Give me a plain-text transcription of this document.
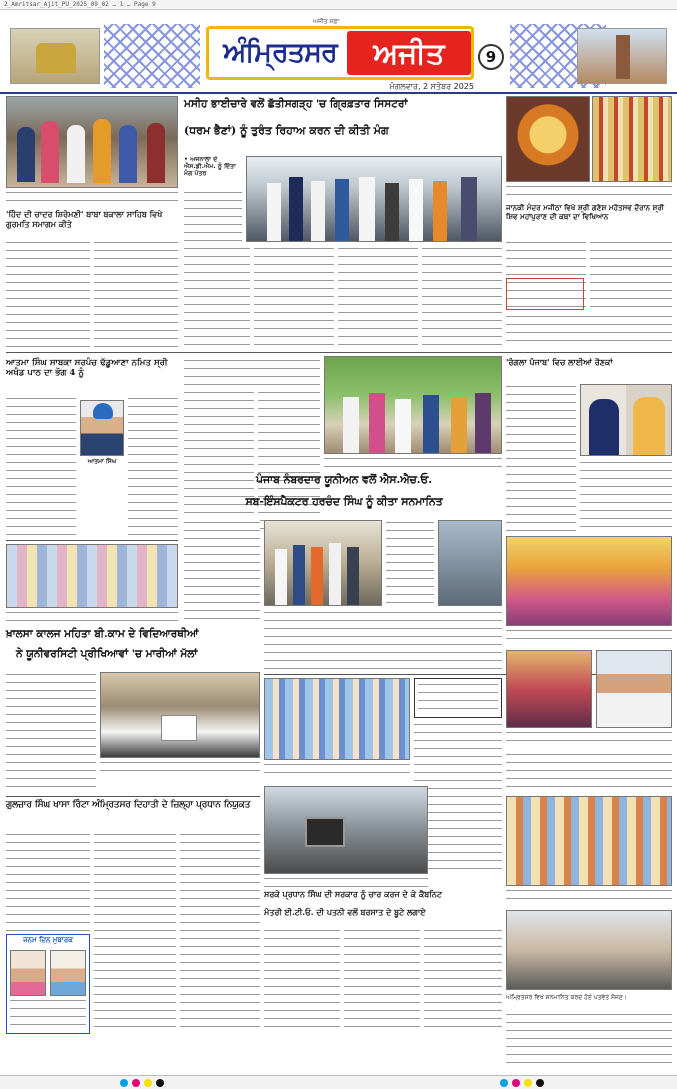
2_Amritsar_Ajit_PU_2025_09_02 … 1 … Page 9
ਅੰਮ੍ਰਿਤਸਰ	ਅਜੀਤ
ਅਜੀਤ ਸਫ਼ਾ
ਮੰਗਲਵਾਰ, 2 ਸਤੰਬਰ 2025
9
ਮਸੀਹ ਭਾਈਚਾਰੇ ਵਲੋਂ ਛੱਤੀਸਗੜ੍ਹ 'ਚ ਗ੍ਰਿਫ਼ਤਾਰ ਸਿਸਟਰਾਂ
(ਧਰਮ ਭੈਣਾਂ) ਨੂੰ ਤੁਰੰਤ ਰਿਹਾਅ ਕਰਨ ਦੀ ਕੀਤੀ ਮੰਗ
• ਅਜਨਾਲਾ ਦੇ ਐਸ.ਡੀ.ਐਮ. ਨੂੰ ਦਿੱਤਾ ਮੰਗ ਪੱਤਰ
'ਹਿੰਦ ਦੀ ਚਾਦਰ ਸ਼ਿਰੋਮਣੀ' ਬਾਬਾ ਬਕਾਲਾ ਸਾਹਿਬ ਵਿਖੇ ਗੁਰਮਤਿ ਸਮਾਗਮ ਕੀਤੇ
ਜਾਨਕੀ ਮੰਦਰ ਮਜੀਠਾ ਵਿਖੇ ਸ਼੍ਰੀ ਗਣੇਸ਼ ਮਹੋਤਸਵ ਦੌਰਾਨ ਸ਼੍ਰੀ ਸ਼ਿਵ ਮਹਾਂਪੁਰਾਣ ਦੀ ਕਥਾ ਦਾ ਵਿਖਿਆਨ
ਆਤਮਾ ਸਿੰਘ ਸਾਬਕਾ ਸਰਪੰਚ ਢੱਡੂਆਣਾ ਨਮਿਤ ਸ੍ਰੀ ਅਖੰਡ ਪਾਠ ਦਾ ਭੋਗ 4 ਨੂੰ
ਆਤਮਾ ਸਿੰਘ
'ਰੰਗਲਾ ਪੰਜਾਬ' ਵਿਚ ਲਾਈਆਂ ਰੌਣਕਾਂ
ਪੰਜਾਬ ਨੰਬਰਦਾਰ ਯੂਨੀਅਨ ਵਲੋਂ ਐਸ.ਐਚ.ਓ.
ਸਬ-ਇੰਸਪੈਕਟਰ ਹਰਚੰਦ ਸਿੰਘ ਨੂੰ ਕੀਤਾ ਸਨਮਾਨਿਤ
ਖ਼ਾਲਸਾ ਕਾਲਜ ਮਹਿਤਾ ਬੀ.ਕਾਮ ਦੇ ਵਿਦਿਆਰਥੀਆਂ
ਨੇ ਯੂਨੀਵਰਸਿਟੀ ਪ੍ਰੀਖਿਆਵਾਂ 'ਚ ਮਾਰੀਆਂ ਮੱਲਾਂ
ਗੁਲਜ਼ਾਰ ਸਿੰਘ ਖਾਸਾ ਰਿੰਟਾ ਅੰਮ੍ਰਿਤਸਰ ਦਿਹਾਤੀ ਦੇ ਜ਼ਿਲ੍ਹਾ ਪ੍ਰਧਾਨ ਨਿਯੁਕਤ
ਜਨਮ ਦਿਨ ਮੁਬਾਰਕ
ਸਰਕੇ ਪ੍ਰਧਾਨ ਸਿੰਘ ਦੀ ਸਰਕਾਰ ਨੂੰ ਚਾਰ ਕਰਜ ਦੇ ਕੇ ਕੈਬਨਿਟ
ਮੰਤਰੀ ਈ.ਟੀ.ਓ. ਦੀ ਪਤਨੀ ਵਲੋਂ ਬਰਸਾਤ ਦੇ ਬੂਟੇ ਲਗਾਏ
ਅੰਮ੍ਰਿਤਸਰ ਵਿਖੇ ਸਨਮਾਨਿਤ ਕਰਦੇ ਹੋਏ ਪਤਵੰਤੇ ਸੱਜਣ।
